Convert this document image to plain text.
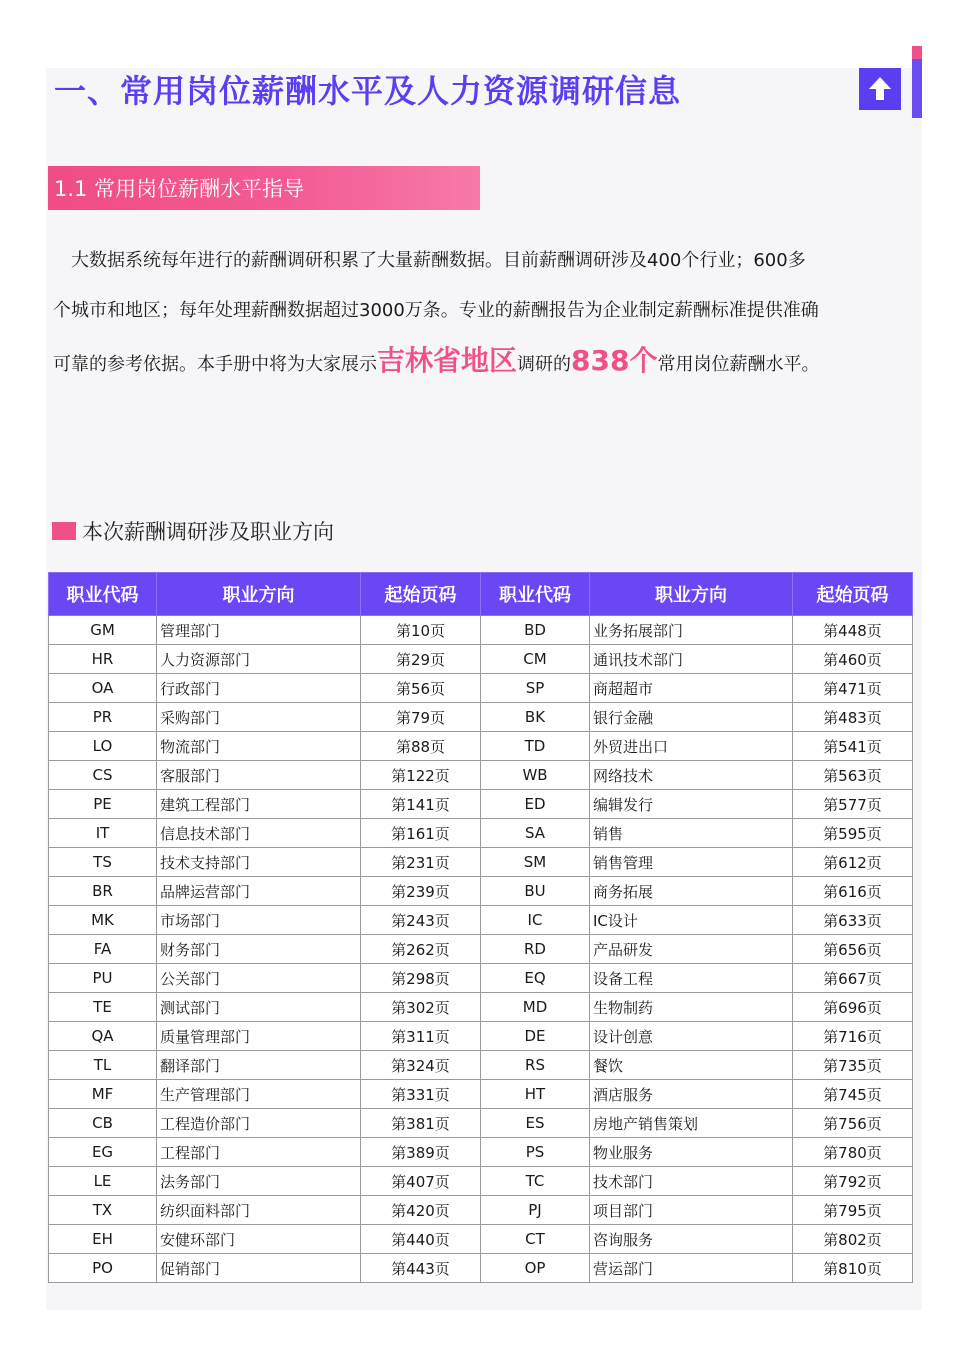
一、常用岗位薪酬水平及人力资源调研信息
1.1 常用岗位薪酬水平指导

　大数据系统每年进行的薪酬调研积累了大量薪酬数据。目前薪酬调研涉及400个行业；600多
个城市和地区；每年处理薪酬数据超过3000万条。专业的薪酬报告为企业制定薪酬标准提供准确
可靠的参考依据。本手册中将为大家展示吉林省地区调研的838个常用岗位薪酬水平。

本次薪酬调研涉及职业方向
职业代码	职业方向	起始页码	职业代码	职业方向	起始页码
GM	管理部门	第10页	BD	业务拓展部门	第448页
HR	人力资源部门	第29页	CM	通讯技术部门	第460页
OA	行政部门	第56页	SP	商超超市	第471页
PR	采购部门	第79页	BK	银行金融	第483页
LO	物流部门	第88页	TD	外贸进出口	第541页
CS	客服部门	第122页	WB	网络技术	第563页
PE	建筑工程部门	第141页	ED	编辑发行	第577页
IT	信息技术部门	第161页	SA	销售	第595页
TS	技术支持部门	第231页	SM	销售管理	第612页
BR	品牌运营部门	第239页	BU	商务拓展	第616页
MK	市场部门	第243页	IC	IC设计	第633页
FA	财务部门	第262页	RD	产品研发	第656页
PU	公关部门	第298页	EQ	设备工程	第667页
TE	测试部门	第302页	MD	生物制药	第696页
QA	质量管理部门	第311页	DE	设计创意	第716页
TL	翻译部门	第324页	RS	餐饮	第735页
MF	生产管理部门	第331页	HT	酒店服务	第745页
CB	工程造价部门	第381页	ES	房地产销售策划	第756页
EG	工程部门	第389页	PS	物业服务	第780页
LE	法务部门	第407页	TC	技术部门	第792页
TX	纺织面料部门	第420页	PJ	项目部门	第795页
EH	安健环部门	第440页	CT	咨询服务	第802页
PO	促销部门	第443页	OP	营运部门	第810页
